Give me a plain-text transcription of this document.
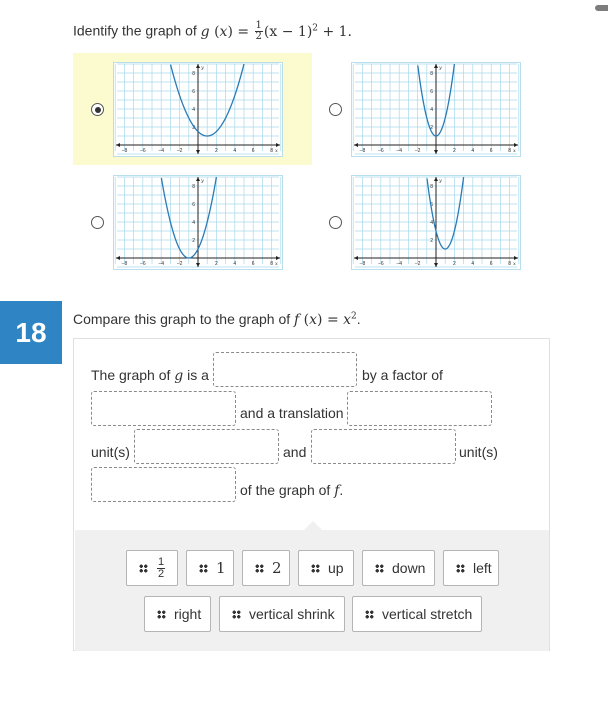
Identify the graph of g $(x) = \frac{1}{2} (x - 1)^2 + 1$.
−8	−6	−4	−2	2	4	6	8
2
4
6
8
x
y
−8	−6	−4	−2	2	4	6	8
2
4
6
8
x
y
−8	−6	−4	−2	2	4	6	8
2
4
6
8
x
y
−8	−6	−4	−2	2	4	6	8
2
4
6
8
x
y
18 Compare this graph to the graph of f $(x) = x^2$.
The graph of g is a	by a factor of
and a translation
unit(s)	and	unit(s)
of the graph of f.
$\frac{1}{2}$	1	2	up	down	left
right	vertical shrink	vertical stretch
